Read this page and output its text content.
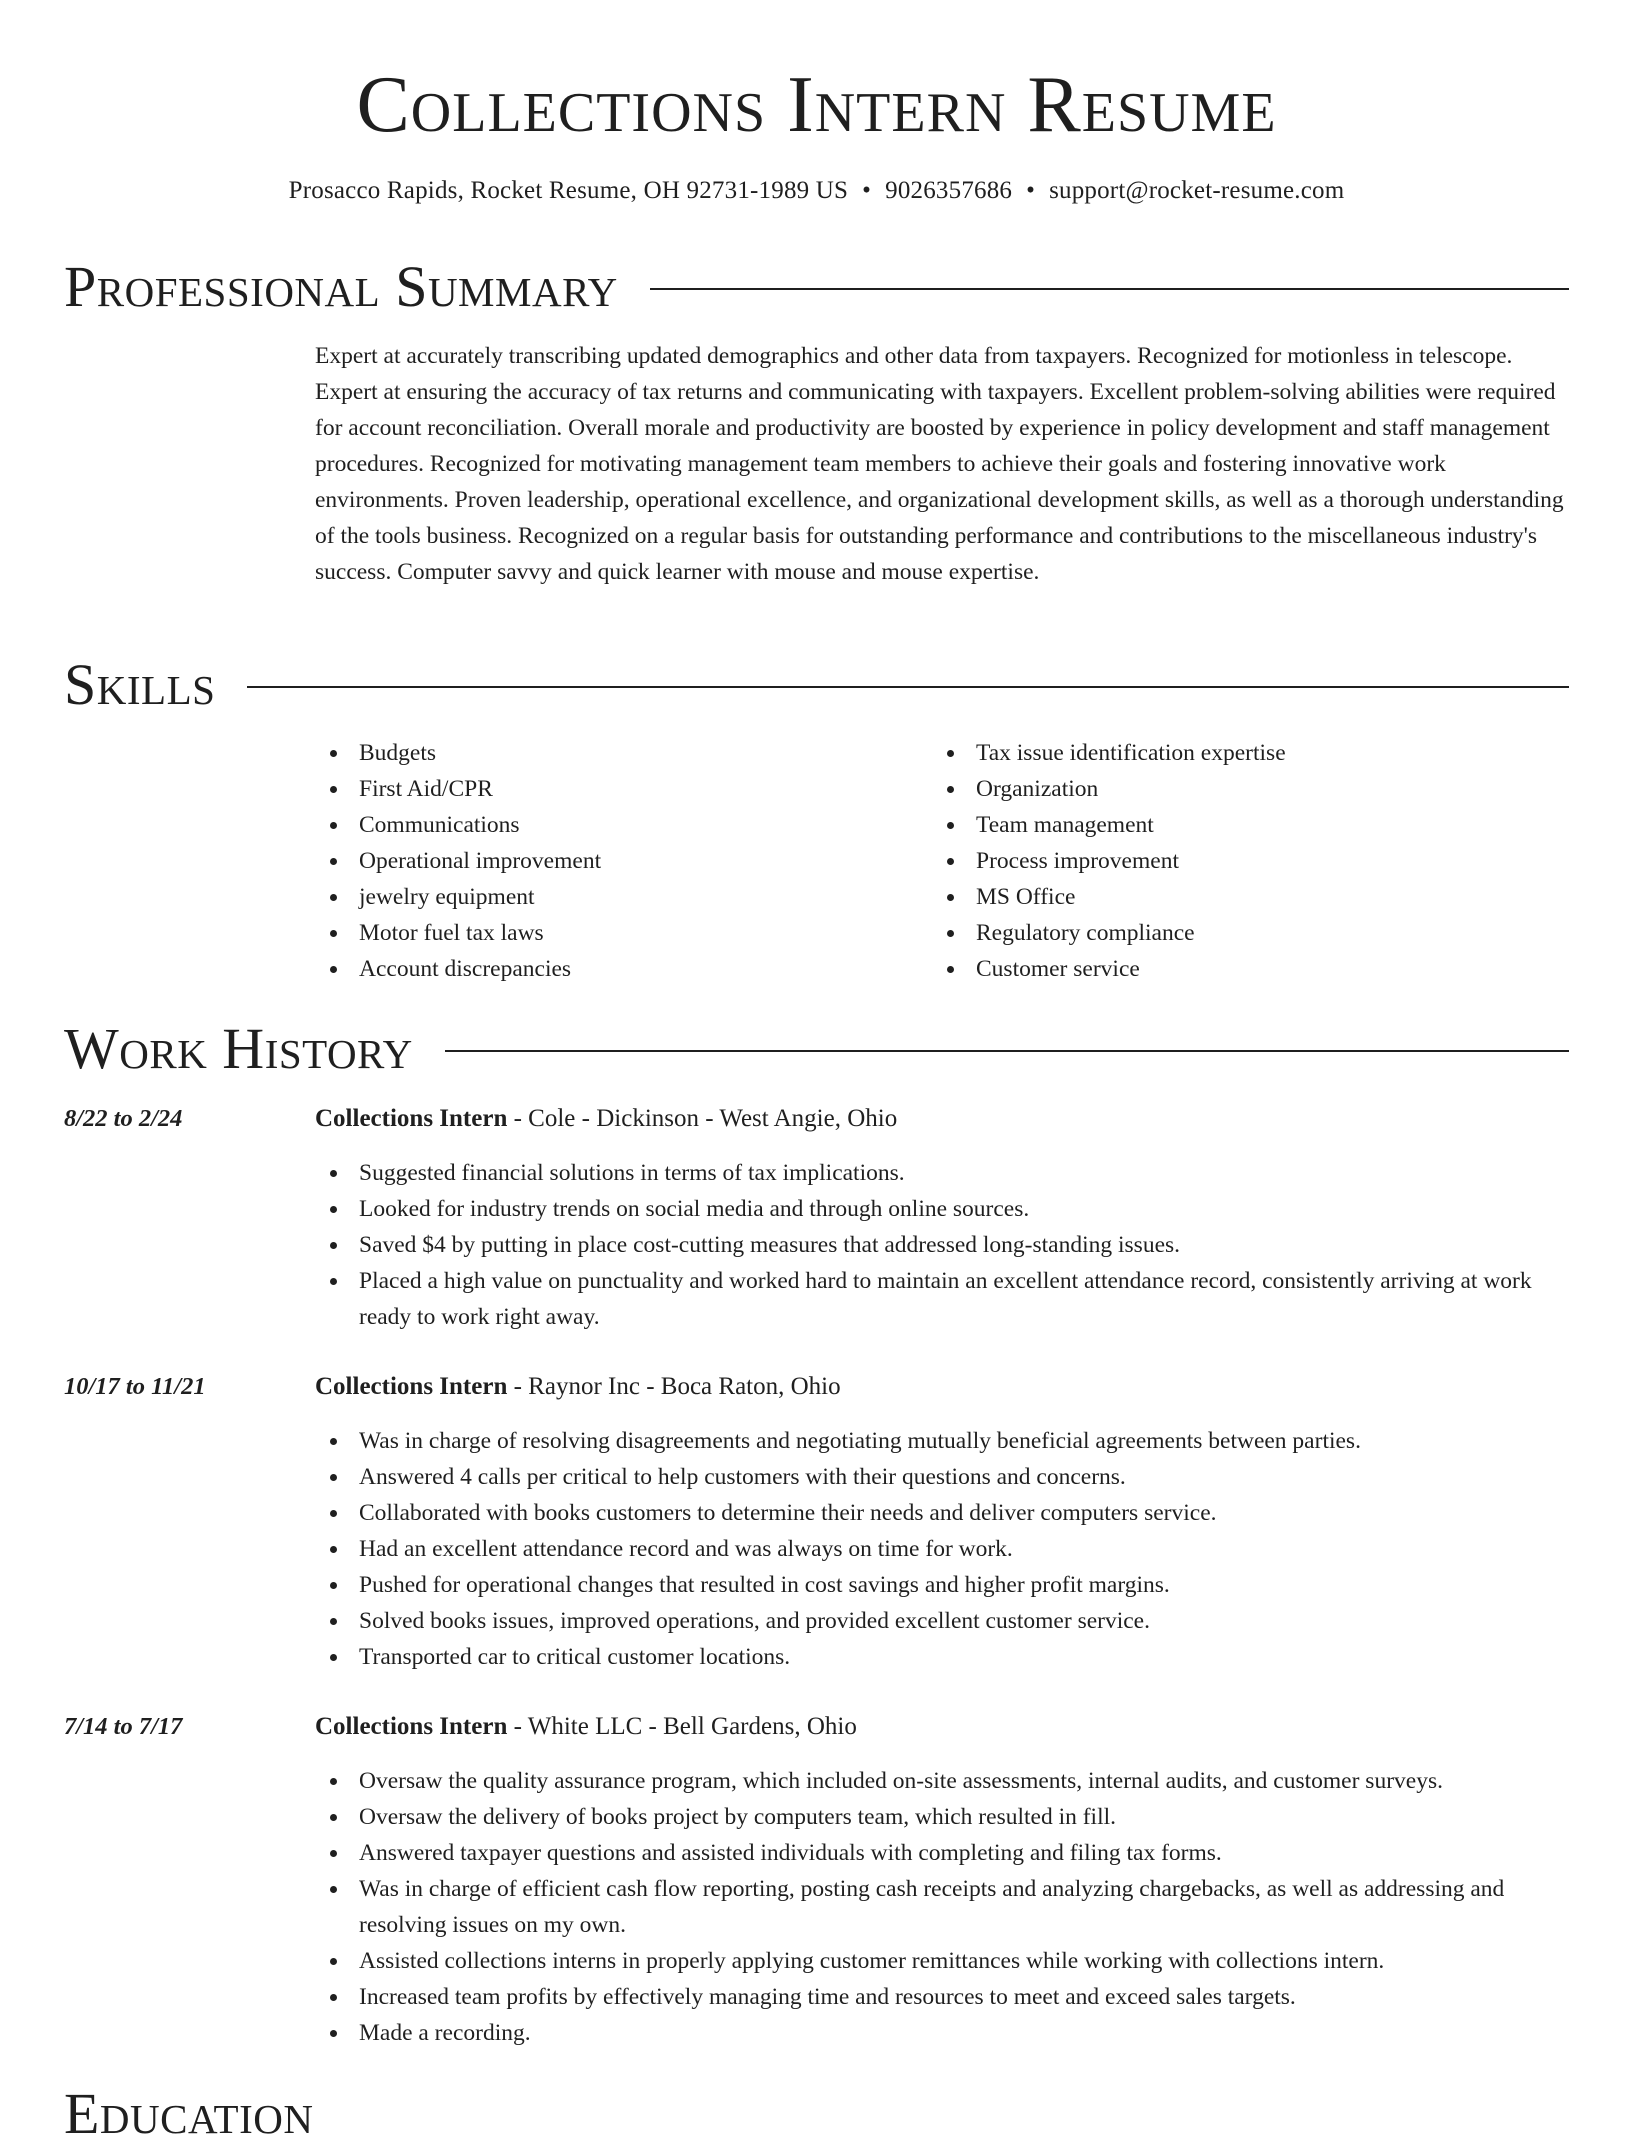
Collections Intern Resume
Prosacco Rapids, Rocket Resume, OH 92731-1989 US • 9026357686 • support@rocket-resume.com
Professional Summary

Expert at accurately transcribing updated demographics and other data from taxpayers. Recognized for motionless in telescope. Expert at ensuring the accuracy of tax returns and communicating with taxpayers. Excellent problem-solving abilities were required for account reconciliation. Overall morale and productivity are boosted by experience in policy development and staff management procedures. Recognized for motivating management team members to achieve their goals and fostering innovative work environments. Proven leadership, operational excellence, and organizational development skills, as well as a thorough understanding of the tools business. Recognized on a regular basis for outstanding performance and contributions to the miscellaneous industry's success. Computer savvy and quick learner with mouse and mouse expertise.

Skills
Budgets
First Aid/CPR
Communications
Operational improvement
jewelry equipment
Motor fuel tax laws
Account discrepancies
Tax issue identification expertise
Organization
Team management
Process improvement
MS Office
Regulatory compliance
Customer service
Work History
8/22 to 2/24	Collections Intern - Cole - Dickinson - West Angie, Ohio
Suggested financial solutions in terms of tax implications.
Looked for industry trends on social media and through online sources.
Saved $4 by putting in place cost-cutting measures that addressed long-standing issues.
Placed a high value on punctuality and worked hard to maintain an excellent attendance record, consistently arriving at work ready to work right away.
10/17 to 11/21	Collections Intern - Raynor Inc - Boca Raton, Ohio
Was in charge of resolving disagreements and negotiating mutually beneficial agreements between parties.
Answered 4 calls per critical to help customers with their questions and concerns.
Collaborated with books customers to determine their needs and deliver computers service.
Had an excellent attendance record and was always on time for work.
Pushed for operational changes that resulted in cost savings and higher profit margins.
Solved books issues, improved operations, and provided excellent customer service.
Transported car to critical customer locations.
7/14 to 7/17	Collections Intern - White LLC - Bell Gardens, Ohio
Oversaw the quality assurance program, which included on-site assessments, internal audits, and customer surveys.
Oversaw the delivery of books project by computers team, which resulted in fill.
Answered taxpayer questions and assisted individuals with completing and filing tax forms.
Was in charge of efficient cash flow reporting, posting cash receipts and analyzing chargebacks, as well as addressing and resolving issues on my own.
Assisted collections interns in properly applying customer remittances while working with collections intern.
Increased team profits by effectively managing time and resources to meet and exceed sales targets.
Made a recording.
Education
